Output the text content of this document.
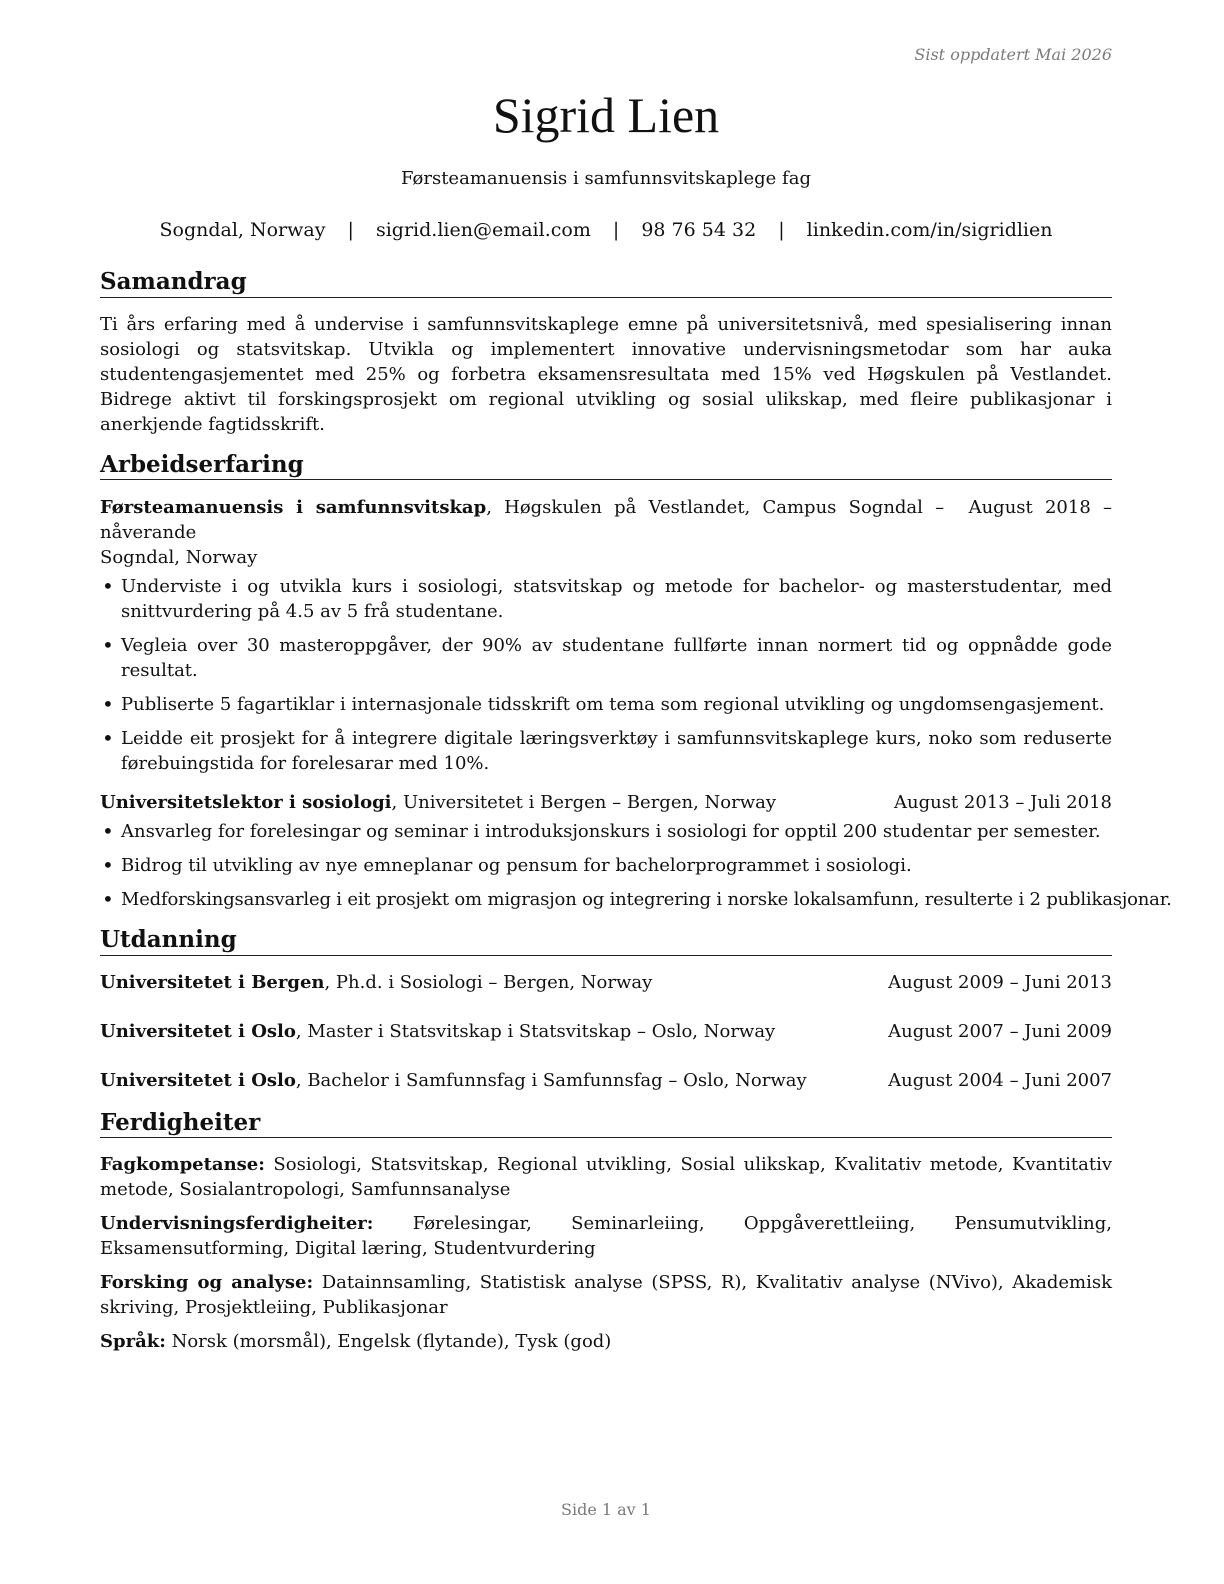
Sist oppdatert Mai 2026
Sigrid Lien
Førsteamanuensis i samfunnsvitskaplege fag
Sogndal, Norway | sigrid.lien@email.com | 98 76 54 32 | linkedin.com/in/sigridlien
Samandrag

Ti års erfaring med å undervise i samfunnsvitskaplege emne på universitetsnivå, med spesialisering innan sosiologi og statsvitskap. Utvikla og implementert innovative undervisningsmetodar som har auka studentengasjementet med 25% og forbetra eksamensresultata med 15% ved Høgskulen på Vestlandet. Bidrege aktivt til forskingsprosjekt om regional utvikling og sosial ulikskap, med fleire publikasjonar i anerkjende fagtidsskrift.

Arbeidserfaring

Førsteamanuensis i samfunnsvitskap, Høgskulen på Vestlandet, Campus Sogndal – August 2018 – nåverande
Sogndal, Norway

• Underviste i og utvikla kurs i sosiologi, statsvitskap og metode for bachelor- og masterstudentar, med snittvurdering på 4.5 av 5 frå studentane.
• Vegleia over 30 masteroppgåver, der 90% av studentane fullførte innan normert tid og oppnådde gode resultat.
• Publiserte 5 fagartiklar i internasjonale tidsskrift om tema som regional utvikling og ungdomsengasjement.
• Leidde eit prosjekt for å integrere digitale læringsverktøy i samfunnsvitskaplege kurs, noko som reduserte førebuingstida for forelesarar med 10%.
Universitetslektor i sosiologi, Universitetet i Bergen – Bergen, Norway	August 2013 – Juli 2018
• Ansvarleg for forelesingar og seminar i introduksjonskurs i sosiologi for opptil 200 studentar per semester.
• Bidrog til utvikling av nye emneplanar og pensum for bachelorprogrammet i sosiologi.
• Medforskingsansvarleg i eit prosjekt om migrasjon og integrering i norske lokalsamfunn, resulterte i 2 publikasjonar.
Utdanning
Universitetet i Bergen, Ph.d. i Sosiologi – Bergen, Norway	August 2009 – Juni 2013
Universitetet i Oslo, Master i Statsvitskap i Statsvitskap – Oslo, Norway	August 2007 – Juni 2009
Universitetet i Oslo, Bachelor i Samfunnsfag i Samfunnsfag – Oslo, Norway	August 2004 – Juni 2007
Ferdigheiter

Fagkompetanse: Sosiologi, Statsvitskap, Regional utvikling, Sosial ulikskap, Kvalitativ metode, Kvantitativ metode, Sosialantropologi, Samfunnsanalyse

Undervisningsferdigheiter: Førelesingar, Seminarleiing, Oppgåverettleiing, Pensumutvikling, Eksamensutforming, Digital læring, Studentvurdering

Forsking og analyse: Datainnsamling, Statistisk analyse (SPSS, R), Kvalitativ analyse (NVivo), Akademisk skriving, Prosjektleiing, Publikasjonar

Språk: Norsk (morsmål), Engelsk (flytande), Tysk (god)

Side 1 av 1
